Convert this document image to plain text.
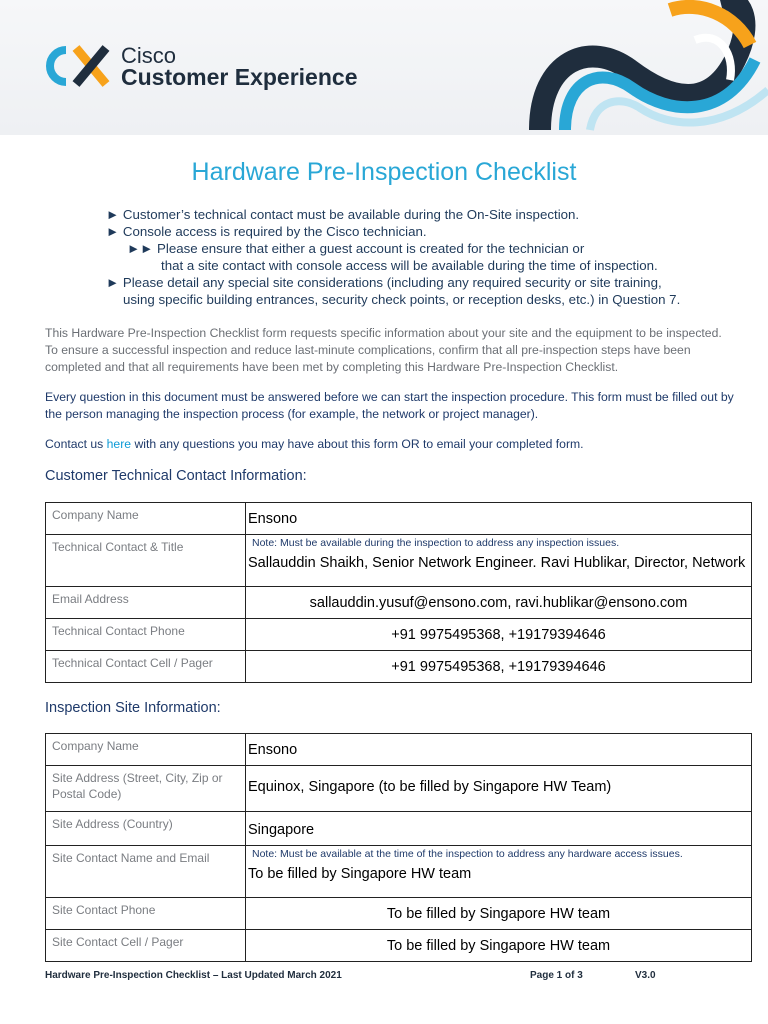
Cisco
Customer Experience
Hardware Pre-Inspection Checklist
► Customer’s technical contact must be available during the On-Site inspection.
► Console access is required by the Cisco technician.
►► Please ensure that either a guest account is created for the technician or
that a site contact with console access will be available during the time of inspection.
► Please detail any special site considerations (including any required security or site training,
using specific building entrances, security check points, or reception desks, etc.) in Question 7.
This Hardware Pre-Inspection Checklist form requests specific information about your site and the equipment to be inspected. To ensure a successful inspection and reduce last-minute complications, confirm that all pre-inspection steps have been completed and that all requirements have been met by completing this Hardware Pre-Inspection Checklist.
Every question in this document must be answered before we can start the inspection procedure. This form must be filled out by the person managing the inspection process (for example, the network or project manager).
Contact us here with any questions you may have about this form OR to email your completed form.
Customer Technical Contact Information:
Company Name	Ensono

Technical Contact & Title	Note: Must be available during the inspection to address any inspection issues.
Sallauddin Shaikh, Senior Network Engineer. Ravi Hublikar, Director, Network

Email Address	sallauddin.yusuf@ensono.com, ravi.hublikar@ensono.com

Technical Contact Phone	+91 9975495368, +19179394646

Technical Contact Cell / Pager	+91 9975495368, +19179394646
Inspection Site Information:
Company Name	Ensono

Site Address (Street, City, Zip or Postal Code)	Equinox, Singapore (to be filled by Singapore HW Team)

Site Address (Country)	Singapore

Site Contact Name and Email	Note: Must be available at the time of the inspection to address any hardware access issues.
To be filled by Singapore HW team

Site Contact Phone	To be filled by Singapore HW team

Site Contact Cell / Pager	To be filled by Singapore HW team
Hardware Pre-Inspection Checklist – Last Updated March 2021	Page 1 of 3	V3.0
